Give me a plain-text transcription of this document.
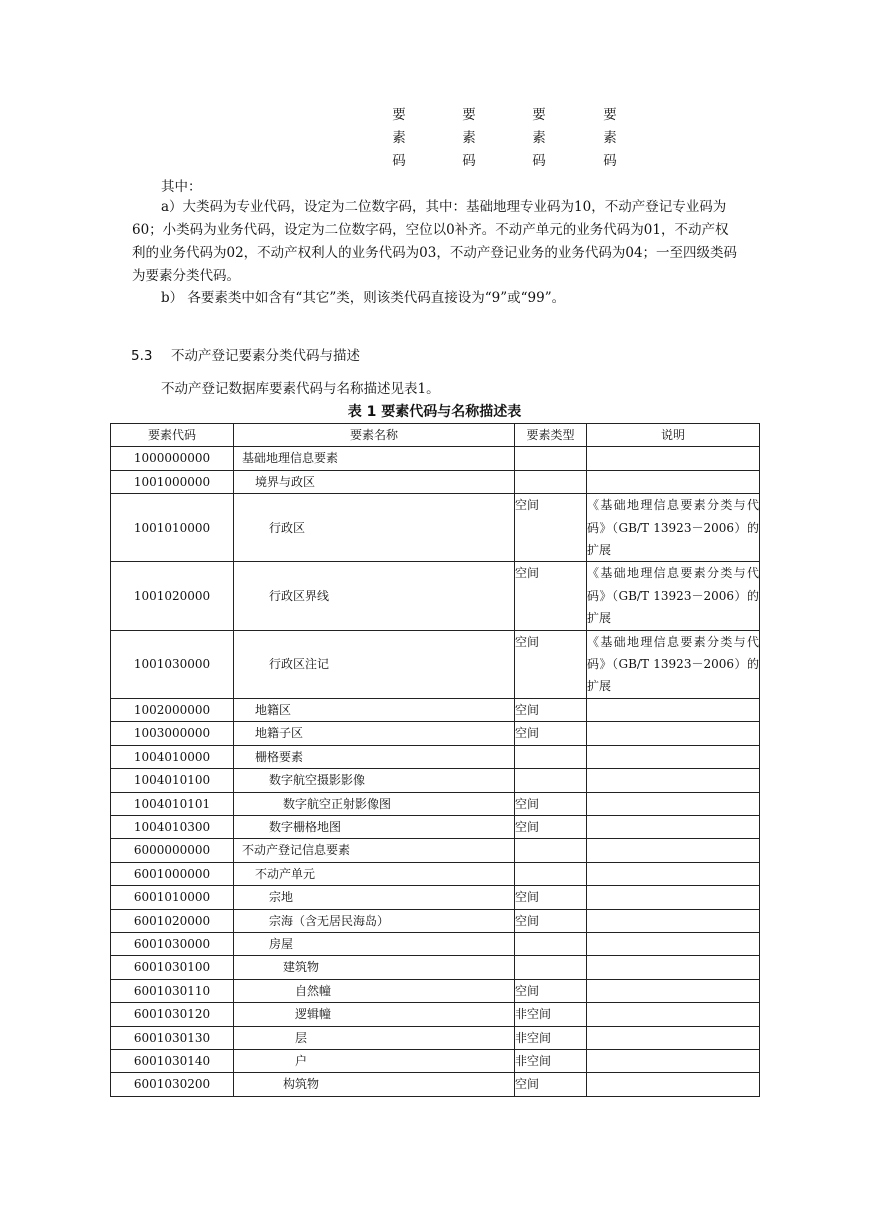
要
素
码
要
素
码
要
素
码
要
素
码
其中：
a）大类码为专业代码，设定为二位数字码，其中：基础地理专业码为10，不动产登记专业码为60；小类码为业务代码，设定为二位数字码，空位以0补齐。不动产单元的业务代码为01，不动产权利的业务代码为02，不动产权利人的业务代码为03，不动产登记业务的业务代码为04；一至四级类码为要素分类代码。
b） 各要素类中如含有“其它”类，则该类代码直接设为“9”或“99”。
5.3 不动产登记要素分类代码与描述
不动产登记数据库要素代码与名称描述见表1。
表 1 要素代码与名称描述表
要素代码	要素名称	要素类型	说明
1000000000	基础地理信息要素		
1001000000	境界与政区		
1001010000	行政区	空间	《基础地理信息要素分类与代码》（GB/T 13923－2006）的扩展
1001020000	行政区界线	空间	《基础地理信息要素分类与代码》（GB/T 13923－2006）的扩展
1001030000	行政区注记	空间	《基础地理信息要素分类与代码》（GB/T 13923－2006）的扩展
1002000000	地籍区	空间	
1003000000	地籍子区	空间	
1004010000	栅格要素		
1004010100	数字航空摄影影像		
1004010101	数字航空正射影像图	空间	
1004010300	数字栅格地图	空间	
6000000000	不动产登记信息要素		
6001000000	不动产单元		
6001010000	宗地	空间	
6001020000	宗海（含无居民海岛）	空间	
6001030000	房屋		
6001030100	建筑物		
6001030110	自然幢	空间	
6001030120	逻辑幢	非空间	
6001030130	层	非空间	
6001030140	户	非空间	
6001030200	构筑物	空间	
